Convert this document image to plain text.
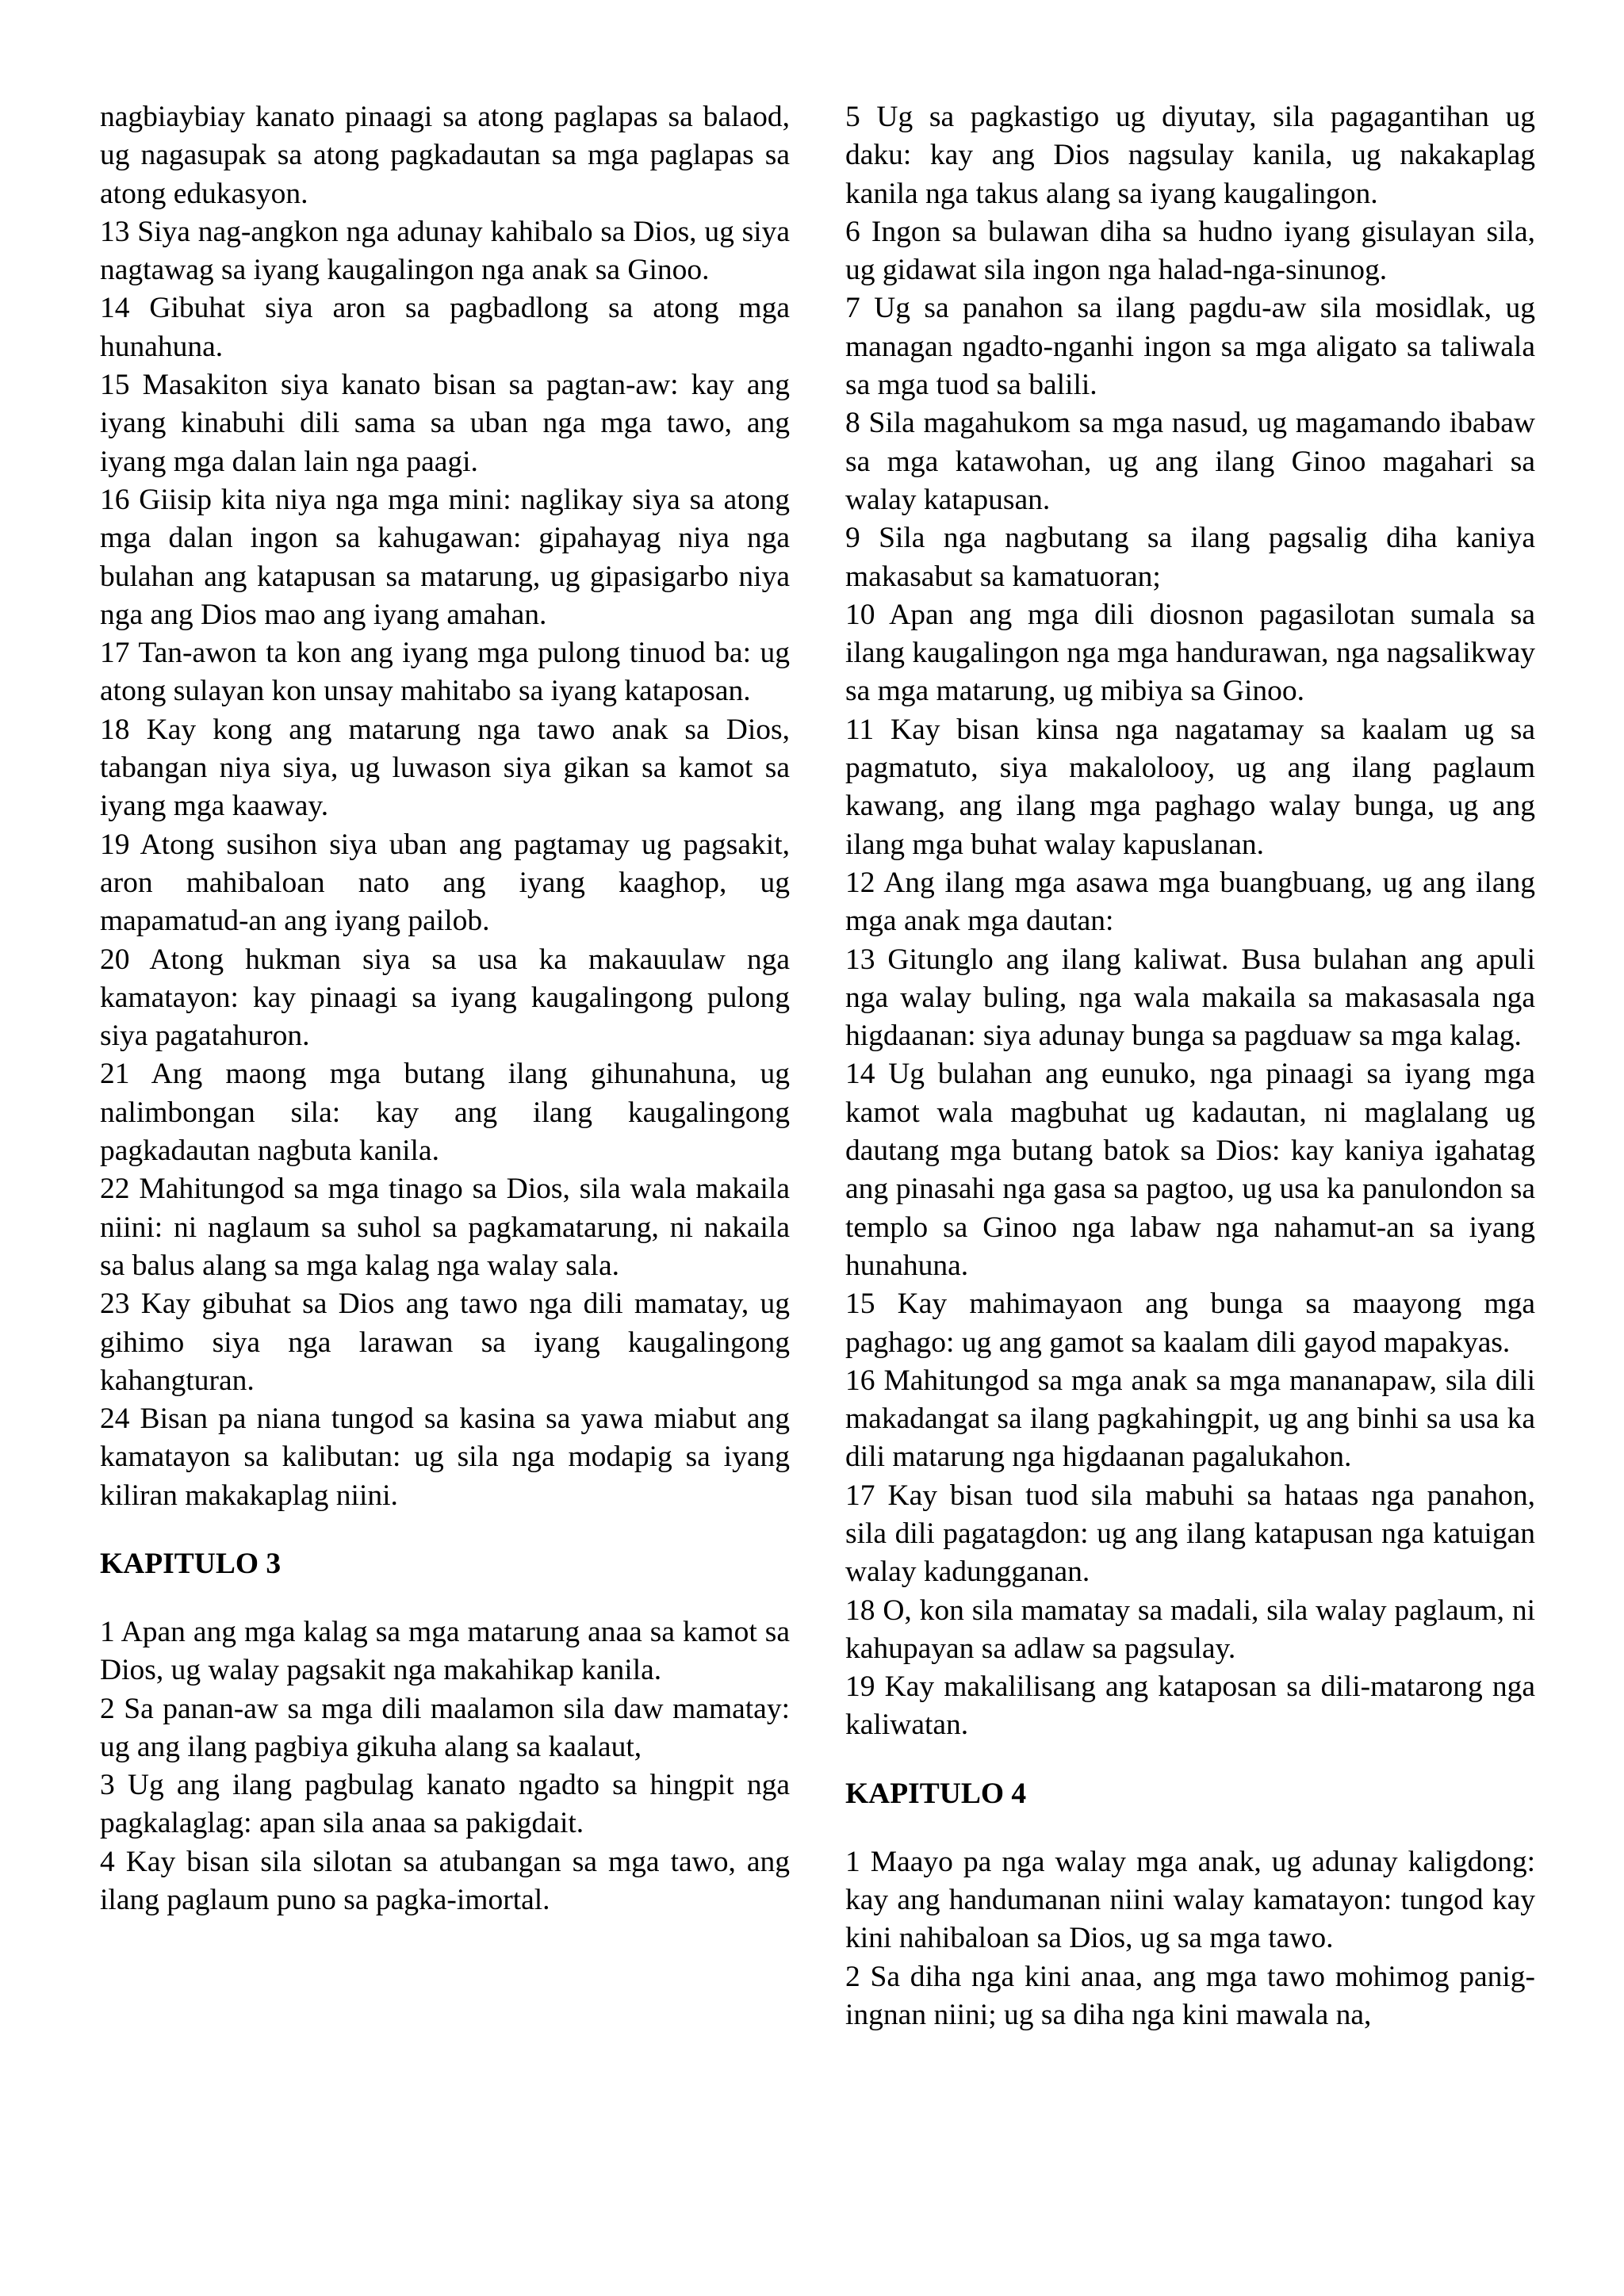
nagbiaybiay kanato pinaagi sa atong paglapas sa balaod, ug nagasupak sa atong pagkadautan sa mga paglapas sa atong edukasyon.

13 Siya nag-angkon nga adunay kahibalo sa Dios, ug siya nagtawag sa iyang kaugalingon nga anak sa Ginoo.

14 Gibuhat siya aron sa pagbadlong sa atong mga hunahuna.

15 Masakiton siya kanato bisan sa pagtan-aw: kay ang iyang kinabuhi dili sama sa uban nga mga tawo, ang iyang mga dalan lain nga paagi.

16 Giisip kita niya nga mga mini: naglikay siya sa atong mga dalan ingon sa kahugawan: gipahayag niya nga bulahan ang katapusan sa matarung, ug gipasigarbo niya nga ang Dios mao ang iyang amahan.

17 Tan-awon ta kon ang iyang mga pulong tinuod ba: ug atong sulayan kon unsay mahitabo sa iyang kataposan.

18 Kay kong ang matarung nga tawo anak sa Dios, tabangan niya siya, ug luwason siya gikan sa kamot sa iyang mga kaaway.

19 Atong susihon siya uban ang pagtamay ug pagsakit, aron mahibaloan nato ang iyang kaaghop, ug mapamatud-an ang iyang pailob.

20 Atong hukman siya sa usa ka makauulaw nga kamatayon: kay pinaagi sa iyang kaugalingong pulong siya pagatahuron.

21 Ang maong mga butang ilang gihunahuna, ug nalimbongan sila: kay ang ilang kaugalingong pagkadautan nagbuta kanila.

22 Mahitungod sa mga tinago sa Dios, sila wala makaila niini: ni naglaum sa suhol sa pagkamatarung, ni nakaila sa balus alang sa mga kalag nga walay sala.

23 Kay gibuhat sa Dios ang tawo nga dili mamatay, ug gihimo siya nga larawan sa iyang kaugalingong kahangturan.

24 Bisan pa niana tungod sa kasina sa yawa miabut ang kamatayon sa kalibutan: ug sila nga modapig sa iyang kiliran makakaplag niini.

KAPITULO 3

1 Apan ang mga kalag sa mga matarung anaa sa kamot sa Dios, ug walay pagsakit nga makahikap kanila.

2 Sa panan-aw sa mga dili maalamon sila daw mamatay: ug ang ilang pagbiya gikuha alang sa kaalaut,

3 Ug ang ilang pagbulag kanato ngadto sa hingpit nga pagkalaglag: apan sila anaa sa pakigdait.

4 Kay bisan sila silotan sa atubangan sa mga tawo, ang ilang paglaum puno sa pagka-imortal.

5 Ug sa pagkastigo ug diyutay, sila pagagantihan ug daku: kay ang Dios nagsulay kanila, ug nakakaplag kanila nga takus alang sa iyang kaugalingon.

6 Ingon sa bulawan diha sa hudno iyang gisulayan sila, ug gidawat sila ingon nga halad-nga-sinunog.

7 Ug sa panahon sa ilang pagdu-aw sila mosidlak, ug managan ngadto-nganhi ingon sa mga aligato sa taliwala sa mga tuod sa balili.

8 Sila magahukom sa mga nasud, ug magamando ibabaw sa mga katawohan, ug ang ilang Ginoo magahari sa walay katapusan.

9 Sila nga nagbutang sa ilang pagsalig diha kaniya makasabut sa kamatuoran;

10 Apan ang mga dili diosnon pagasilotan sumala sa ilang kaugalingon nga mga handurawan, nga nagsalikway sa mga matarung, ug mibiya sa Ginoo.

11 Kay bisan kinsa nga nagatamay sa kaalam ug sa pagmatuto, siya makalolooy, ug ang ilang paglaum kawang, ang ilang mga paghago walay bunga, ug ang ilang mga buhat walay kapuslanan.

12 Ang ilang mga asawa mga buangbuang, ug ang ilang mga anak mga dautan:

13 Gitunglo ang ilang kaliwat. Busa bulahan ang apuli nga walay buling, nga wala makaila sa makasasala nga higdaanan: siya adunay bunga sa pagduaw sa mga kalag.

14 Ug bulahan ang eunuko, nga pinaagi sa iyang mga kamot wala magbuhat ug kadautan, ni maglalang ug dautang mga butang batok sa Dios: kay kaniya igahatag ang pinasahi nga gasa sa pagtoo, ug usa ka panulondon sa templo sa Ginoo nga labaw nga nahamut-an sa iyang hunahuna.

15 Kay mahimayaon ang bunga sa maayong mga paghago: ug ang gamot sa kaalam dili gayod mapakyas.

16 Mahitungod sa mga anak sa mga mananapaw, sila dili makadangat sa ilang pagkahingpit, ug ang binhi sa usa ka dili matarung nga higdaanan pagalukahon.

17 Kay bisan tuod sila mabuhi sa hataas nga panahon, sila dili pagatagdon: ug ang ilang katapusan nga katuigan walay kadungganan.

18 O, kon sila mamatay sa madali, sila walay paglaum, ni kahupayan sa adlaw sa pagsulay.

19 Kay makalilisang ang kataposan sa dili-matarong nga kaliwatan.

KAPITULO 4

1 Maayo pa nga walay mga anak, ug adunay kaligdong: kay ang handumanan niini walay kamatayon: tungod kay kini nahibaloan sa Dios, ug sa mga tawo.

2 Sa diha nga kini anaa, ang mga tawo mohimog panig-ingnan niini; ug sa diha nga kini mawala na,
